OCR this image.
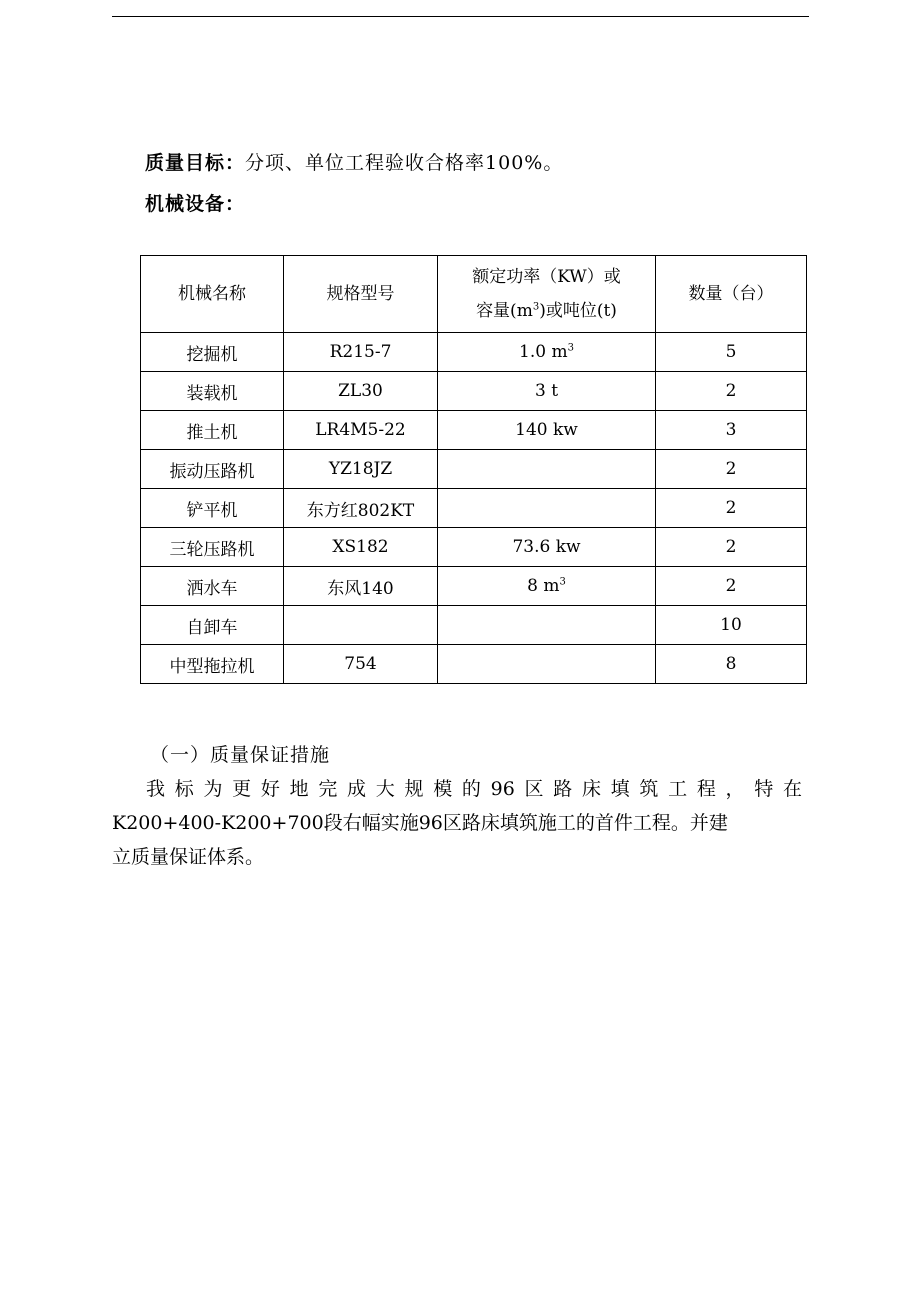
质量目标：分项、单位工程验收合格率100%。
机械设备：
机械名称	规格型号	额定功率（KW）或
容量$(m^3)$或吨位(t)	数量（台）
挖掘机	R215-7	1.0 $m^3$	5
装载机	ZL30	3 t	2
推土机	LR4M5-22	140 kw	3
振动压路机	YZ18JZ		2
铲平机	东方红802KT		2
三轮压路机	XS182	73.6 kw	2
洒水车	东风140	8 $m^3$	2
自卸车			10
中型拖拉机	754		8
（一）质量保证措施
我标为更好地完成大规模的96区路床填筑工程，特在
K200+400-K200+700段右幅实施96区路床填筑施工的首件工程。并建
立质量保证体系。
